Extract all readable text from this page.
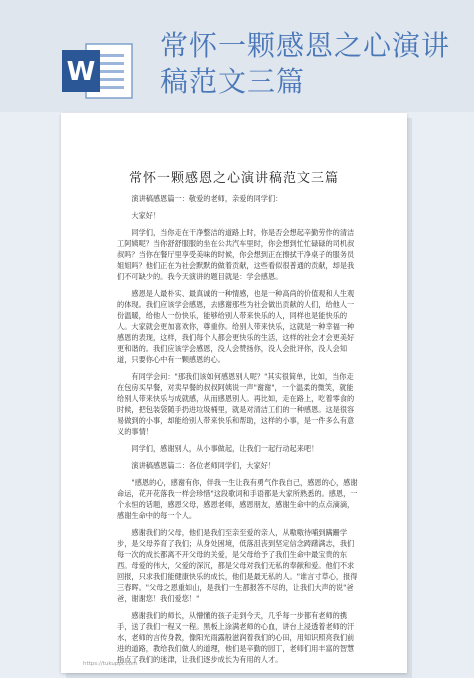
W
常怀一颗感恩之心演讲
稿范文三篇
常怀一颗感恩之心演讲稿范文三篇

演讲稿感恩篇一：敬爱的老师，亲爱的同学们：

大家好！

同学们，当你走在干净整洁的道路上时，你是否会想起辛勤劳作的清洁工阿姨呢？当你舒舒服服的坐在公共汽车里时，你会想到忙忙碌碌的司机叔叔吗？当你在餐厅里享受美味的时候，你会想到正在擦拭干净桌子的服务员姐姐吗？他们正在为社会默默的做着贡献，这些看似很普通的贡献，却是我们不可缺少的。我今天演讲的题目就是：学会感恩。

感恩是人最朴实、最真诚的一种情感，也是一种高尚的价值观和人生观的体现。我们应该学会感恩，去感谢那些为社会做出贡献的人们，给他人一份温暖，给他人一份快乐，能够给别人带来快乐的人，同样也是能快乐的人。大家就会更加喜欢你，尊重你。给别人带来快乐，这就是一种幸福一种感恩的表现，这样，我们每个人都会更快乐的生活，这样的社会才会更美好更和谐的。我们应该学会感恩，没人会赞扬你，没人会批评你，没人会知道，只要你心中有一颗感恩的心。

有同学会问："那我们该如何感恩别人呢？"其实很简单，比如，当你走在包房买早餐，对卖早餐的叔叔阿姨说一声"谢谢"，一个温柔的微笑，就能给别人带来快乐与成就感，从而感恩别人。再比如，走在路上，吃着零食的时候，把包装袋随手扔进垃圾桶里，就是对清洁工们的一种感恩。这是很容易做到的小事，却能给别人带来快乐和帮助，这样的小事，是一件多么有意义的事情！

同学们，感谢别人，从小事做起，让我们一起行动起来吧！

演讲稿感恩篇二：各位老师同学们，大家好！

"感恩的心，感谢有你，伴我一生让我有勇气作我自己，感恩的心，感谢命运，花开花落我一样会珍惜"这段歌词和手语都是大家所熟悉的。感恩，一个永恒的话题，感恩父母，感恩老师，感恩朋友，感谢生命中的点点滴滴，感谢生命中的每一个人。

感谢我们的父母，他们是我们至亲至爱的亲人，从嗷嗷待哺到蹒跚学步，是父母养育了我们；从身处困境，低落沮丧到坚定信念踌躇满志，我们每一次的成长都离不开父母的关爱，是父母给予了我们生命中最宝贵的东西。母爱的伟大，父爱的深沉，都是父母对我们无私的奉献和爱。他们不求回报，只求我们能健康快乐的成长，他们是最无私的人。"谁言寸草心，报得三春晖。"父母之恩重如山，是我们一生都报答不尽的，让我们大声的说"爸爸，谢谢您！我们爱您！"

感谢我们的师长，从懵懂的孩子走到今天，几乎每一步都有老师的携手，送了我们一程又一程。黑板上涂满老师的心血，讲台上浸透着老师的汗水，老师的言传身教，像阳光雨露般滋润着我们的心田，用知识照亮我们前进的道路，教给我们做人的道理，他们是辛勤的园丁，老师们用丰富的智慧指点了我们的迷津，让我们逐步成长为有用的人才。

https://tukuppt.com
